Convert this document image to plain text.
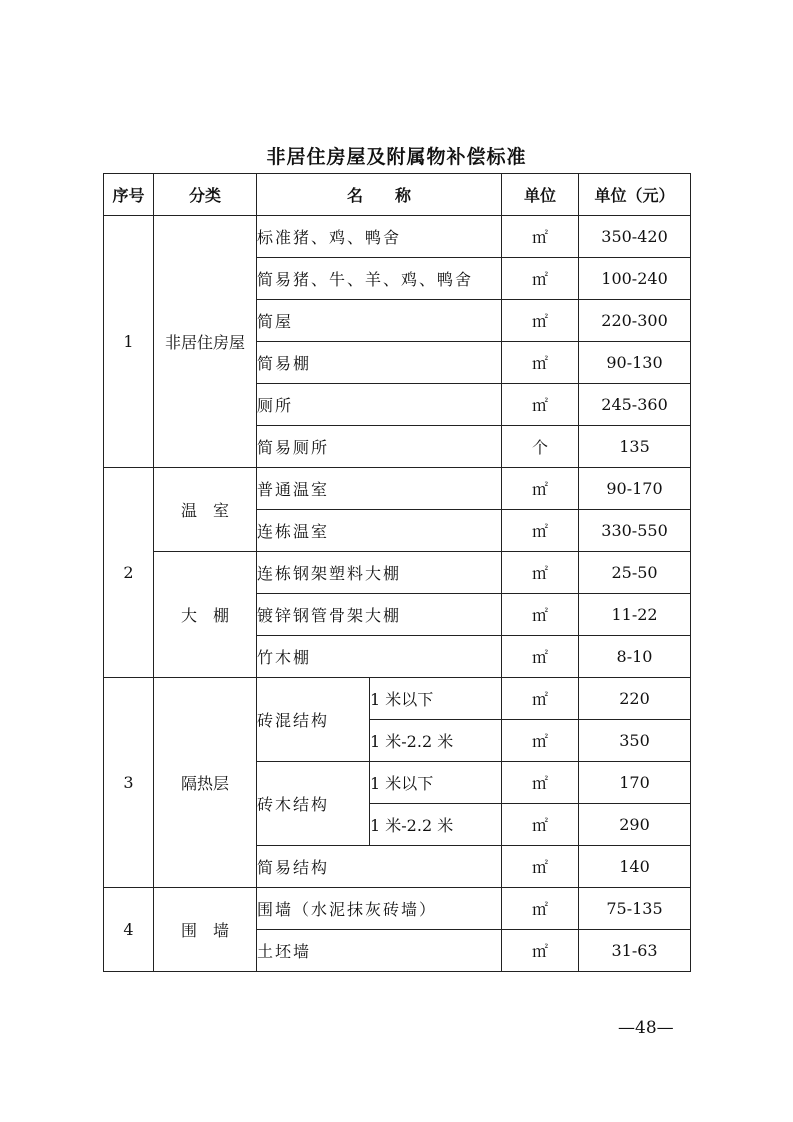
非居住房屋及附属物补偿标准
序号	分类	名　　称		单位	单位（元）
1	非居住房屋	标准猪、鸡、鸭舍		㎡	350-420
		简易猪、牛、羊、鸡、鸭舍		㎡	100-240
		简屋		㎡	220-300
		简易棚		㎡	90-130
		厕所		㎡	245-360
		简易厕所		个	135
2	温　室	普通温室		㎡	90-170
		连栋温室		㎡	330-550
	大　棚	连栋钢架塑料大棚		㎡	25-50
		镀锌钢管骨架大棚		㎡	11-22
		竹木棚		㎡	8-10
3	隔热层	砖混结构	1 米以下	㎡	220
			1 米-2.2 米	㎡	350
		砖木结构	1 米以下	㎡	170
			1 米-2.2 米	㎡	290
		简易结构		㎡	140
4	围　墙	围墙（水泥抹灰砖墙）		㎡	75-135
		土坯墙		㎡	31-63
—48—
